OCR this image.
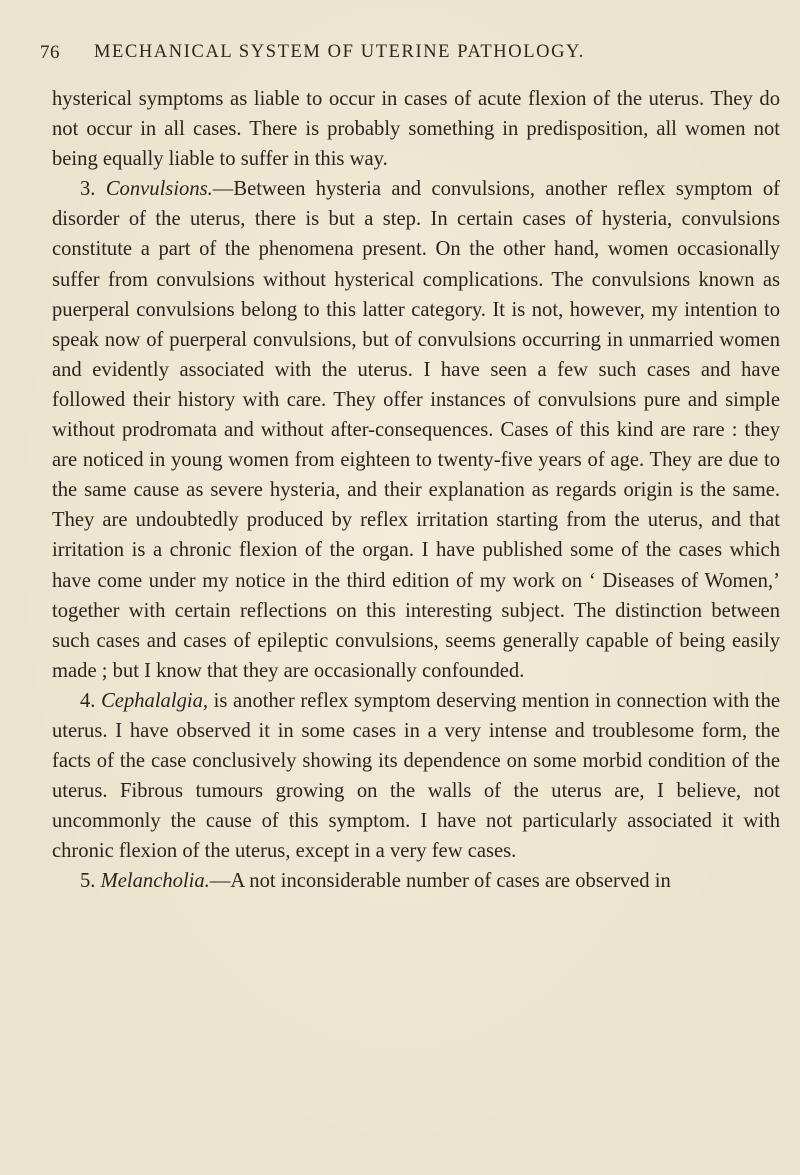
76 MECHANICAL SYSTEM OF UTERINE PATHOLOGY.

hysterical symptoms as liable to occur in cases of acute flexion of the uterus. They do not occur in all cases. There is probably something in predisposition, all women not being equally liable to suffer in this way.

3. Convulsions.—Between hysteria and convulsions, another reflex symptom of disorder of the uterus, there is but a step. In certain cases of hysteria, convulsions constitute a part of the phenomena present. On the other hand, women occasionally suffer from convulsions without hysterical complications. The convulsions known as puerperal convulsions belong to this latter category. It is not, however, my intention to speak now of puerperal convulsions, but of convulsions occurring in unmarried women and evidently associated with the uterus. I have seen a few such cases and have followed their history with care. They offer instances of convulsions pure and simple without prodromata and without after-consequences. Cases of this kind are rare : they are noticed in young women from eighteen to twenty-five years of age. They are due to the same cause as severe hysteria, and their explanation as regards origin is the same. They are undoubtedly produced by reflex irritation starting from the uterus, and that irritation is a chronic flexion of the organ. I have published some of the cases which have come under my notice in the third edition of my work on ‘ Diseases of Women,’ together with certain reflections on this interesting subject. The distinction between such cases and cases of epileptic convulsions, seems generally capable of being easily made ; but I know that they are occasionally confounded.

4. Cephalalgia, is another reflex symptom deserving mention in connection with the uterus. I have observed it in some cases in a very intense and troublesome form, the facts of the case conclusively showing its dependence on some morbid condition of the uterus. Fibrous tumours growing on the walls of the uterus are, I believe, not uncommonly the cause of this symptom. I have not particularly associated it with chronic flexion of the uterus, except in a very few cases.

5. Melancholia.—A not inconsiderable number of cases are observed in
